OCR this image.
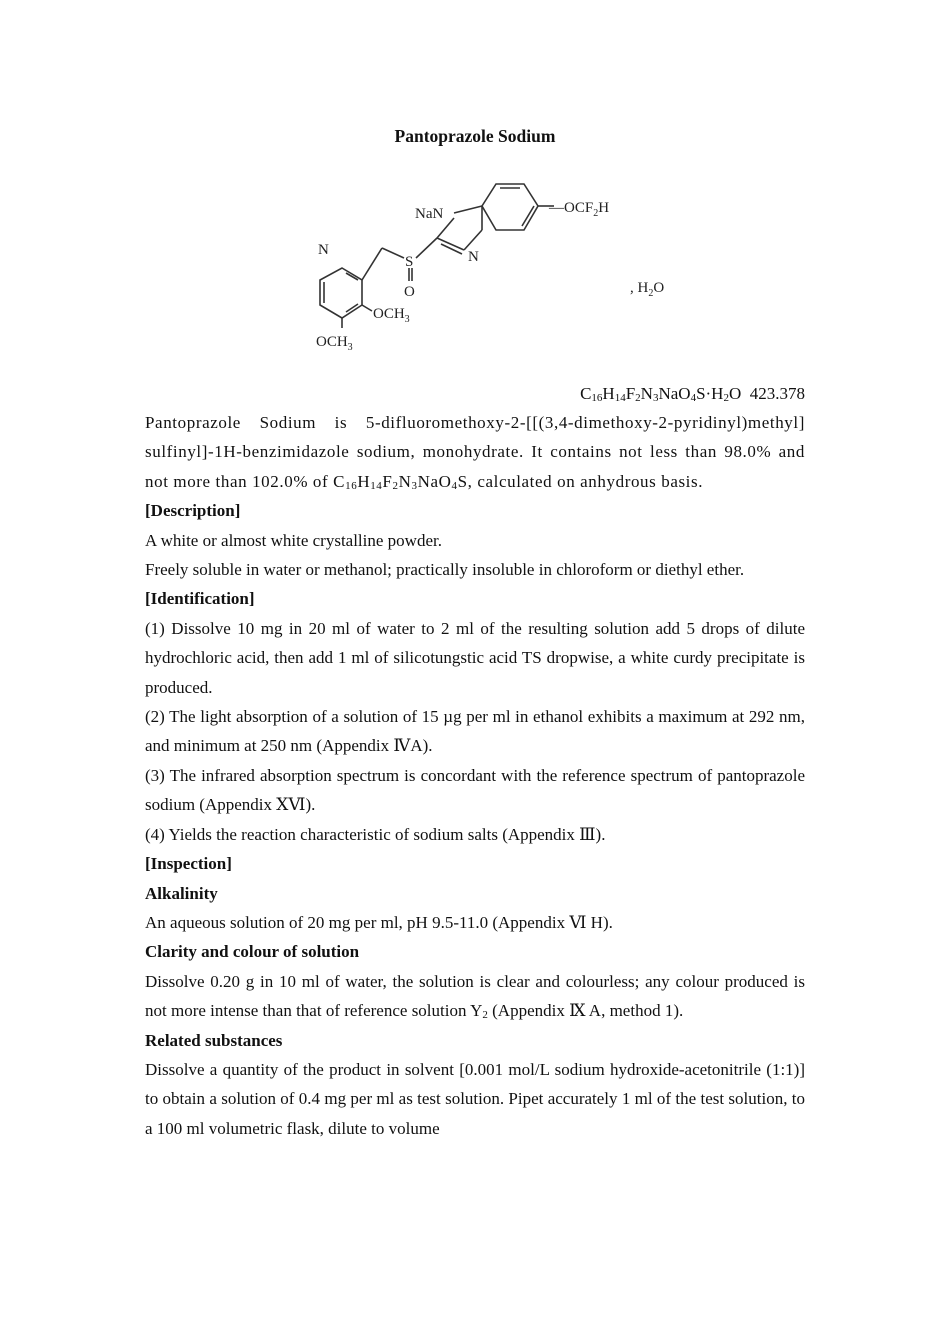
Pantoprazole Sodium
NaN	$—OCF_2H$
N
N
S
O
$OCH_3$
$OCH_3$
, $H_2O$
$C_{16}H_{14}F_2N_3NaO_4S\cdot H_2O$ 423.378

Pantoprazole Sodium is 5-difluoromethoxy-2-[[(3,4-dimethoxy-2-pyridinyl)methyl] sulfinyl]-1H-benzimidazole sodium, monohydrate. It contains not less than 98.0% and not more than 102.0% of $C_{16}H_{14}F_2N_3NaO_4S$, calculated on anhydrous basis.

[Description]

A white or almost white crystalline powder.

Freely soluble in water or methanol; practically insoluble in chloroform or diethyl ether.

[Identification]

(1) Dissolve 10 mg in 20 ml of water to 2 ml of the resulting solution add 5 drops of dilute hydrochloric acid, then add 1 ml of silicotungstic acid TS dropwise, a white curdy precipitate is produced.

(2) The light absorption of a solution of 15 µg per ml in ethanol exhibits a maximum at 292 nm, and minimum at 250 nm (Appendix ⅣA).

(3) The infrared absorption spectrum is concordant with the reference spectrum of pantoprazole sodium (Appendix ⅩⅥ).

(4) Yields the reaction characteristic of sodium salts (Appendix Ⅲ).

[Inspection]

Alkalinity

An aqueous solution of 20 mg per ml, pH 9.5-11.0 (Appendix Ⅵ H).

Clarity and colour of solution

Dissolve 0.20 g in 10 ml of water, the solution is clear and colourless; any colour produced is not more intense than that of reference solution $Y_2$ (Appendix Ⅸ A, method 1).

Related substances

Dissolve a quantity of the product in solvent [0.001 mol/L sodium hydroxide-acetonitrile (1:1)] to obtain a solution of 0.4 mg per ml as test solution. Pipet accurately 1 ml of the test solution, to a 100 ml volumetric flask, dilute to volume
